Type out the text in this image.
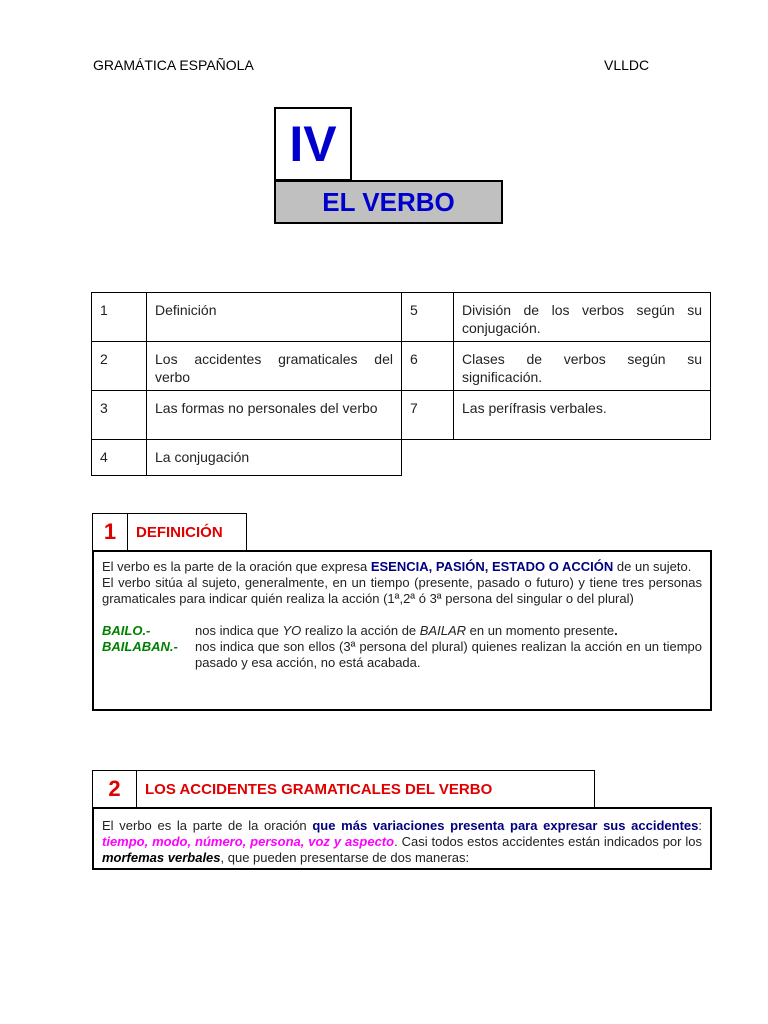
GRAMÁTICA ESPAÑOLA	VLLDC
IV
EL VERBO
1	Definición
2	Los accidentes gramaticales del verbo
3	Las formas no personales del verbo
4	La conjugación
5	División de los verbos según su conjugación.
6	Clases de verbos según su significación.
7	Las perífrasis verbales.
1	DEFINICIÓN

El verbo es la parte de la oración que expresa ESENCIA, PASIÓN, ESTADO O ACCIÓN de un sujeto.

El verbo sitúa al sujeto, generalmente, en un tiempo (presente, pasado o futuro) y tiene tres personas gramaticales para indicar quién realiza la acción (1ª,2ª ó 3ª persona del singular o del plural)

BAILO.-	nos indica que YO realizo la acción de BAILAR en un momento presente.
BAILABAN.-	nos indica que son ellos (3ª persona del plural) quienes realizan la acción en un tiempo pasado y esa acción, no está acabada.
2	LOS ACCIDENTES GRAMATICALES DEL VERBO

El verbo es la parte de la oración que más variaciones presenta para expresar sus accidentes: tiempo, modo, número, persona, voz y aspecto. Casi todos estos accidentes están indicados por los morfemas verbales, que pueden presentarse de dos maneras:
